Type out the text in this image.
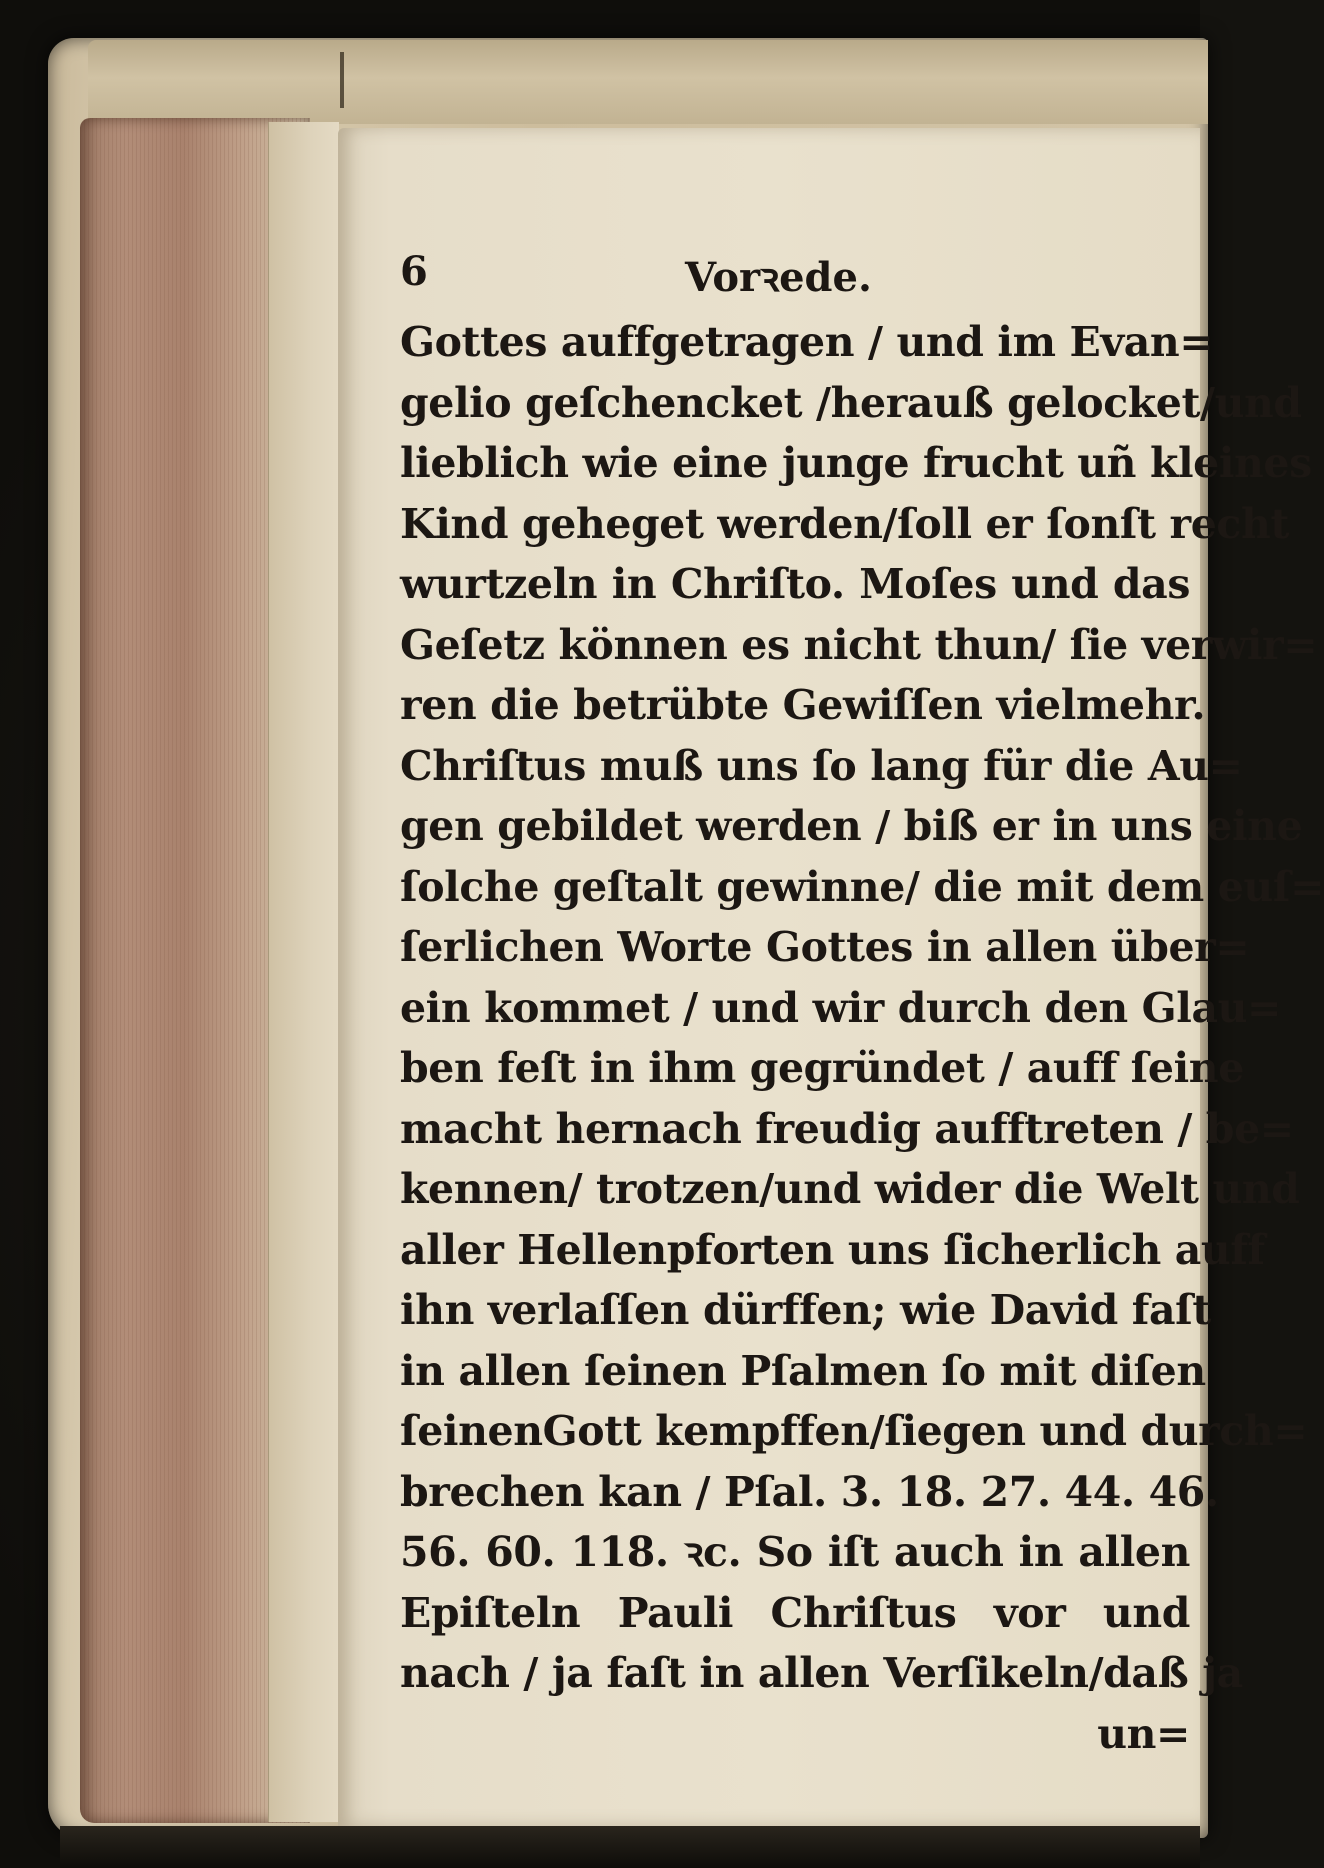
6	Vorꝛede.
Gottes auffgetragen / und im Evan=
gelio geſchencket /herauß gelocket/und
lieblich wie eine junge frucht uñ kleines
Kind geheget werden/ſoll er ſonſt recht
wurtzeln in Chriſto. Moſes und das
Geſetz können es nicht thun/ ſie verwir=
ren die betrübte Gewiſſen vielmehr.
Chriſtus muß uns ſo lang für die Au=
gen gebildet werden / biß er in uns eine
ſolche geſtalt gewinne/ die mit dem euſ=
ſerlichen Worte Gottes in allen über=
ein kommet / und wir durch den Glau=
ben feſt in ihm gegründet / auff ſeine
macht hernach freudig aufftreten / be=
kennen/ trotzen/und wider die Welt und
aller Hellenpforten uns ſicherlich auff
ihn verlaſſen dürffen; wie David faſt
in allen ſeinen Pſalmen ſo mit diſen
ſeinenGott kempffen/ſiegen und durch=
brechen kan / Pſal. 3. 18. 27. 44. 46.
56. 60. 118. ꝛc. So iſt auch in allen
Epiſteln Pauli Chriſtus vor und
nach / ja faſt in allen Verſikeln/daß ja
un=
